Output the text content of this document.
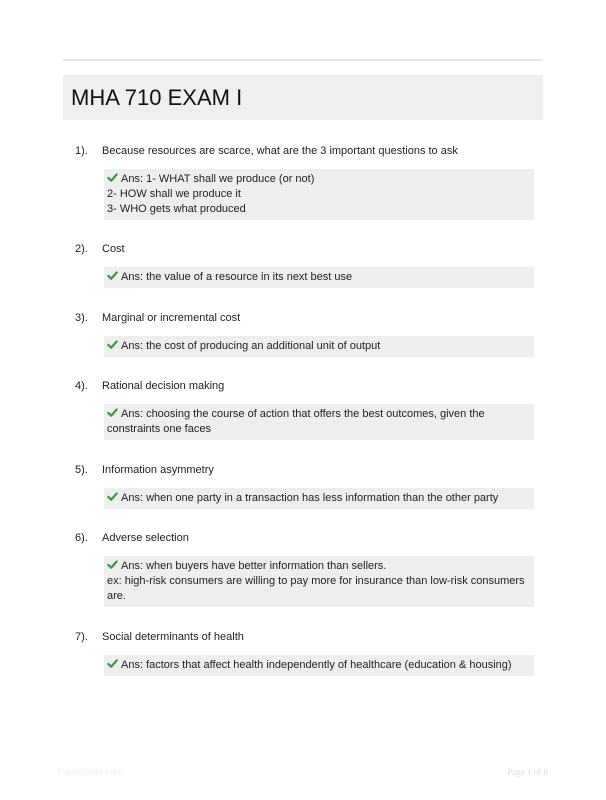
MHA 710 EXAM I
1). Because resources are scarce, what are the 3 important questions to ask
Ans: 1- WHAT shall we produce (or not)
2- HOW shall we produce it
3- WHO gets what produced
2). Cost
Ans: the value of a resource in its next best use
3). Marginal or incremental cost
Ans: the cost of producing an additional unit of output
4). Rational decision making
Ans: choosing the course of action that offers the best outcomes, given the constraints one faces
5). Information asymmetry
Ans: when one party in a transaction has less information than the other party
6). Adverse selection
Ans: when buyers have better information than sellers.
ex: high-risk consumers are willing to pay more for insurance than low-risk consumers are.
7). Social determinants of health
Ans: factors that affect health independently of healthcare (education & housing)
PaperStore.com	Page 1 of 8
